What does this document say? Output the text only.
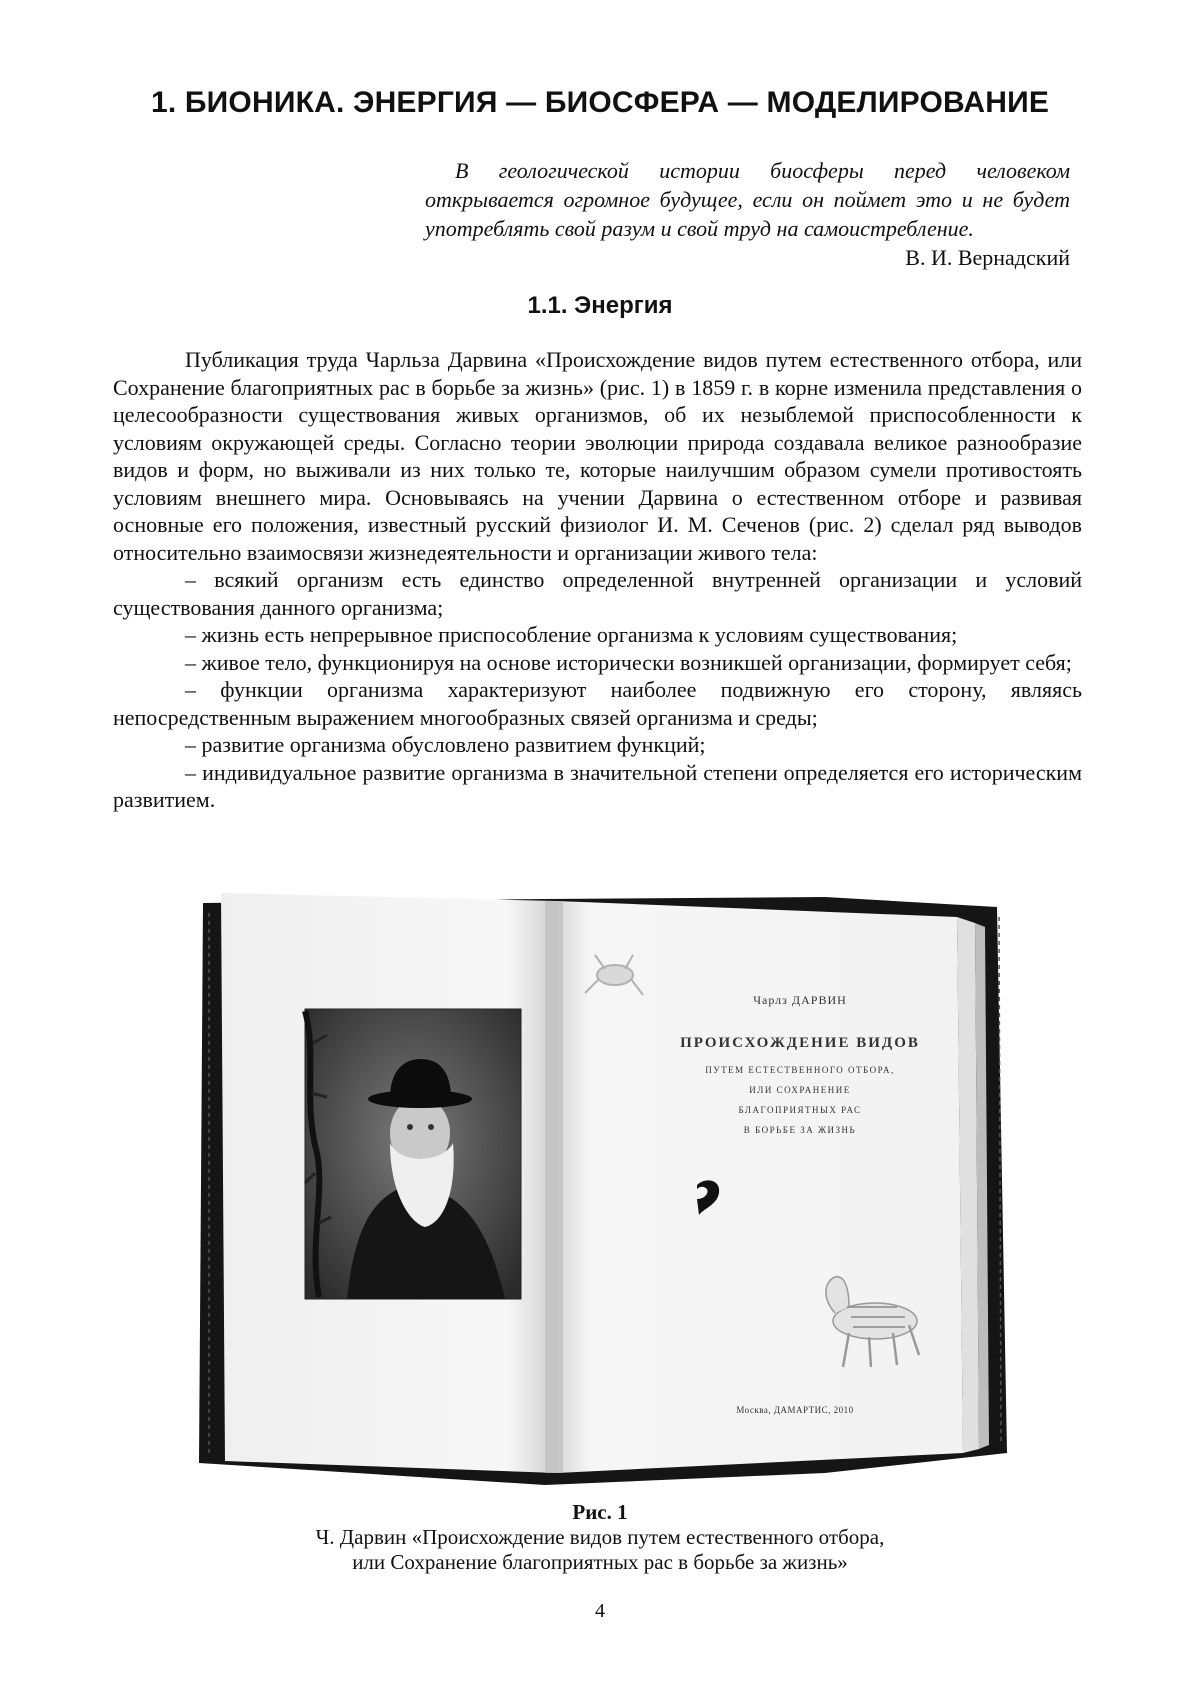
1. БИОНИКА. ЭНЕРГИЯ — БИОСФЕРА — МОДЕЛИРОВАНИЕ

В геологической истории биосферы перед человеком открывается огромное будущее, если он поймет это и не будет употреблять свой разум и свой труд на самоистребление.

В. И. Вернадский

1.1. Энергия

Публикация труда Чарльза Дарвина «Происхождение видов путем естественного отбора, или Сохранение благоприятных рас в борьбе за жизнь» (рис. 1) в 1859 г. в корне изменила представления о целесообразности существования живых организмов, об их незыблемой приспособленности к условиям окружающей среды. Согласно теории эволюции природа создавала великое разнообразие видов и форм, но выживали из них только те, которые наилучшим образом сумели противостоять условиям внешнего мира. Основываясь на учении Дарвина о естественном отборе и развивая основные его положения, известный русский физиолог И. М. Сеченов (рис. 2) сделал ряд выводов относительно взаимосвязи жизнедеятельности и организации живого тела:

– всякий организм есть единство определенной внутренней организации и условий существования данного организма;

– жизнь есть непрерывное приспособление организма к условиям существования;

– живое тело, функционируя на основе исторически возникшей организации, формирует себя;

– функции организма характеризуют наиболее подвижную его сторону, являясь непосредственным выражением многообразных связей организма и среды;

– развитие организма обусловлено развитием функций;

– индивидуальное развитие организма в значительной степени определяется его историческим развитием.

Чарлз ДАРВИН
ПРОИСХОЖДЕНИЕ ВИДОВ
ПУТЕМ ЕСТЕСТВЕННОГО ОТБОРА,
ИЛИ СОХРАНЕНИЕ
БЛАГОПРИЯТНЫХ РАС
В БОРЬБЕ ЗА ЖИЗНЬ
Москва, ДАМАРТИС, 2010

Рис. 1

Ч. Дарвин «Происхождение видов путем естественного отбора,

или Сохранение благоприятных рас в борьбе за жизнь»

4
